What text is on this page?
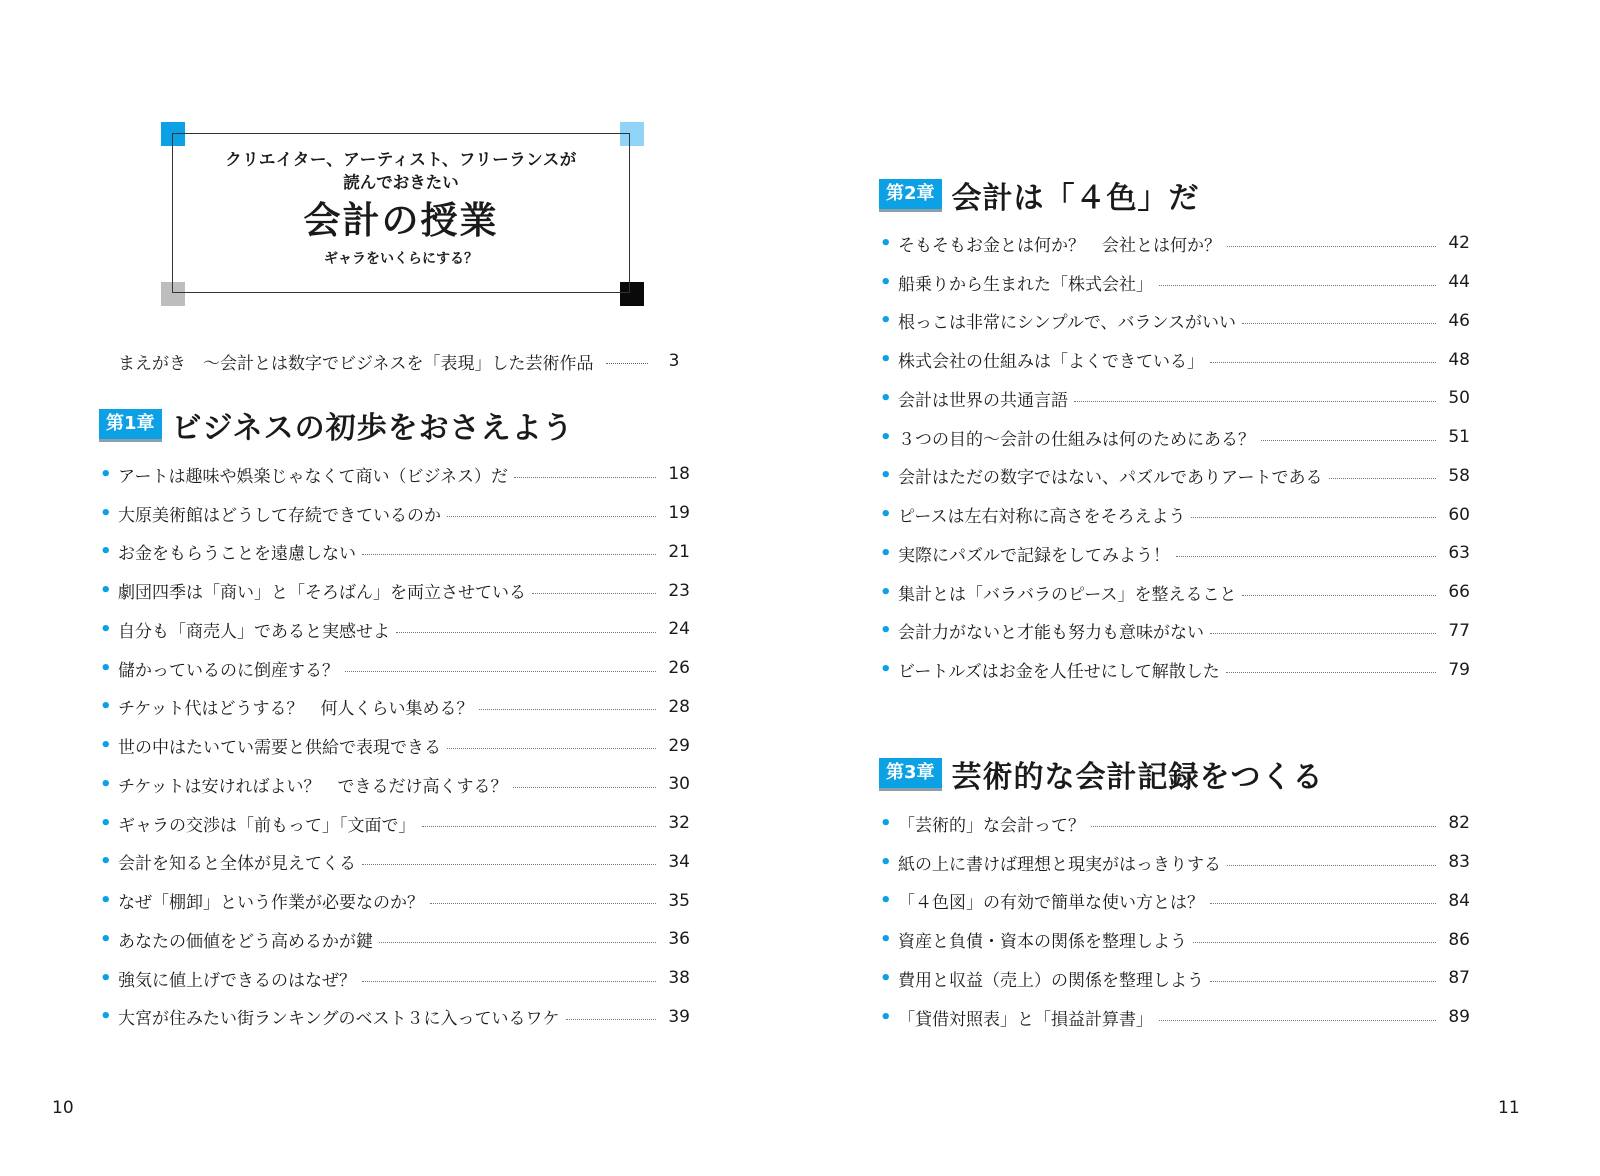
クリエイター、アーティスト、フリーランスが
読んでおきたい
会計の授業
ギャラをいくらにする？
まえがき　～会計とは数字でビジネスを「表現」した芸術作品	3
第1章 ビジネスの初歩をおさえよう
• アートは趣味や娯楽じゃなくて商い（ビジネス）だ	18
• 大原美術館はどうして存続できているのか	19
• お金をもらうことを遠慮しない	21
• 劇団四季は「商い」と「そろばん」を両立させている	23
• 自分も「商売人」であると実感せよ	24
• 儲かっているのに倒産する？	26
• チケット代はどうする？　何人くらい集める？	28
• 世の中はたいてい需要と供給で表現できる	29
• チケットは安ければよい？　できるだけ高くする？	30
• ギャラの交渉は「前もって」「文面で」	32
• 会計を知ると全体が見えてくる	34
• なぜ「棚卸」という作業が必要なのか？	35
• あなたの価値をどう高めるかが鍵	36
• 強気に値上げできるのはなぜ？	38
• 大宮が住みたい街ランキングのベスト３に入っているワケ	39
10
第2章 会計は「４色」だ
• そもそもお金とは何か？　会社とは何か？	42
• 船乗りから生まれた「株式会社」	44
• 根っこは非常にシンプルで、バランスがいい	46
• 株式会社の仕組みは「よくできている」	48
• 会計は世界の共通言語	50
• ３つの目的～会計の仕組みは何のためにある？	51
• 会計はただの数字ではない、パズルでありアートである	58
• ピースは左右対称に高さをそろえよう	60
• 実際にパズルで記録をしてみよう！	63
• 集計とは「バラバラのピース」を整えること	66
• 会計力がないと才能も努力も意味がない	77
• ビートルズはお金を人任せにして解散した	79
第3章 芸術的な会計記録をつくる
• 「芸術的」な会計って？	82
• 紙の上に書けば理想と現実がはっきりする	83
• 「４色図」の有効で簡単な使い方とは？	84
• 資産と負債・資本の関係を整理しよう	86
• 費用と収益（売上）の関係を整理しよう	87
• 「貸借対照表」と「損益計算書」	89
11
